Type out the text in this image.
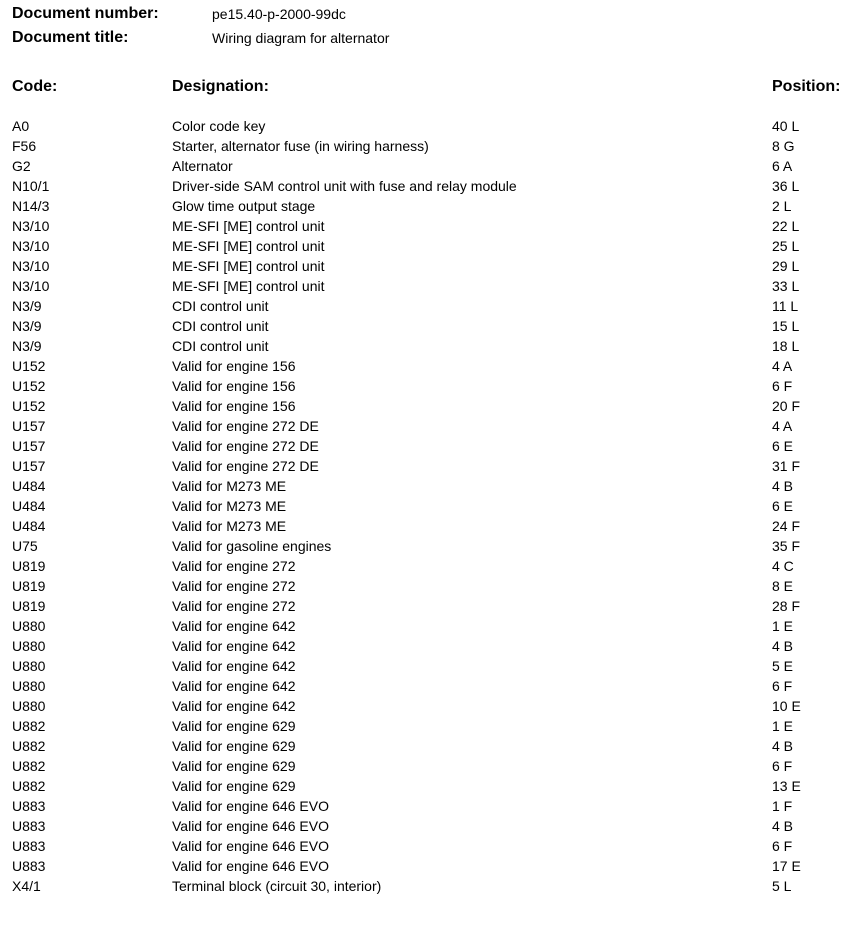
Document number:	pe15.40-p-2000-99dc
Document title:	Wiring diagram for alternator
Code:	Designation:	Position:
A0	Color code key	40 L
F56	Starter, alternator fuse (in wiring harness)	8 G
G2	Alternator	6 A
N10/1	Driver-side SAM control unit with fuse and relay module	36 L
N14/3	Glow time output stage	2 L
N3/10	ME-SFI [ME] control unit	22 L
N3/10	ME-SFI [ME] control unit	25 L
N3/10	ME-SFI [ME] control unit	29 L
N3/10	ME-SFI [ME] control unit	33 L
N3/9	CDI control unit	11 L
N3/9	CDI control unit	15 L
N3/9	CDI control unit	18 L
U152	Valid for engine 156	4 A
U152	Valid for engine 156	6 F
U152	Valid for engine 156	20 F
U157	Valid for engine 272 DE	4 A
U157	Valid for engine 272 DE	6 E
U157	Valid for engine 272 DE	31 F
U484	Valid for M273 ME	4 B
U484	Valid for M273 ME	6 E
U484	Valid for M273 ME	24 F
U75	Valid for gasoline engines	35 F
U819	Valid for engine 272	4 C
U819	Valid for engine 272	8 E
U819	Valid for engine 272	28 F
U880	Valid for engine 642	1 E
U880	Valid for engine 642	4 B
U880	Valid for engine 642	5 E
U880	Valid for engine 642	6 F
U880	Valid for engine 642	10 E
U882	Valid for engine 629	1 E
U882	Valid for engine 629	4 B
U882	Valid for engine 629	6 F
U882	Valid for engine 629	13 E
U883	Valid for engine 646 EVO	1 F
U883	Valid for engine 646 EVO	4 B
U883	Valid for engine 646 EVO	6 F
U883	Valid for engine 646 EVO	17 E
X4/1	Terminal block (circuit 30, interior)	5 L
